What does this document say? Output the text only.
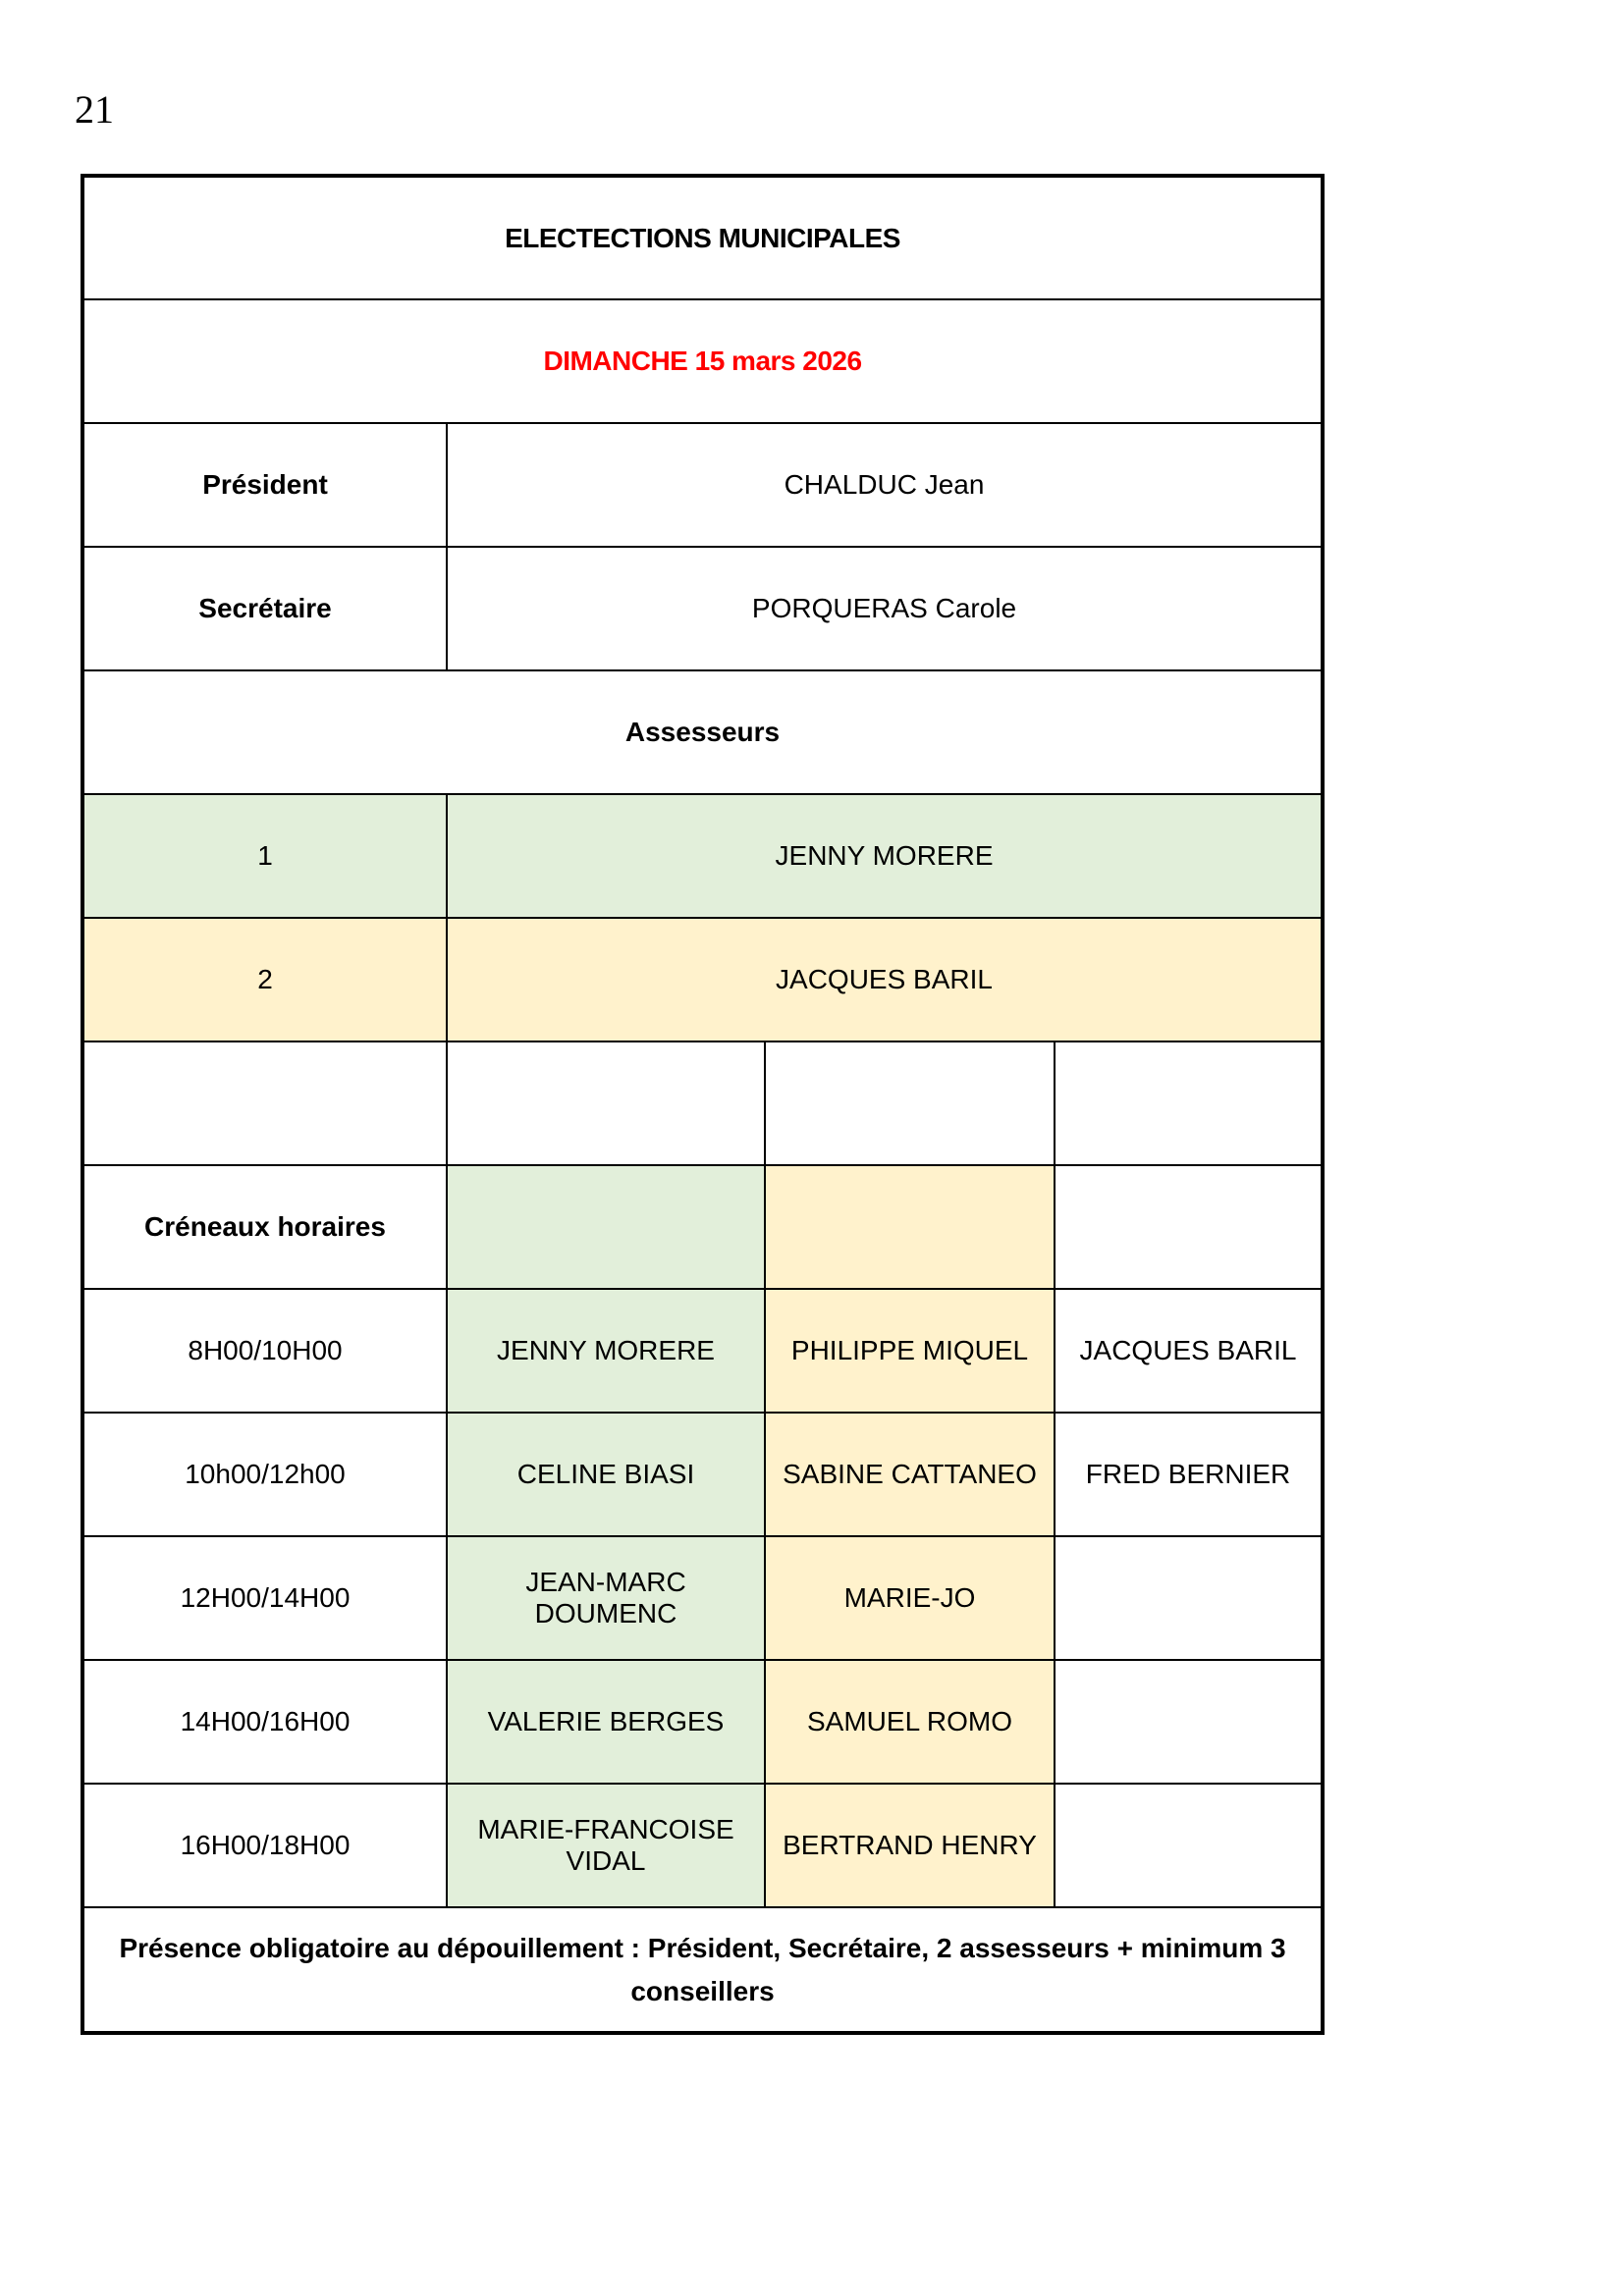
21
ELECTECTIONS MUNICIPALES			
DIMANCHE 15 mars 2026			
Président	CHALDUC Jean		
Secrétaire	PORQUERAS Carole		
Assesseurs			
1	JENNY MORERE		
2	JACQUES BARIL		

Créneaux horaires			
8H00/10H00	JENNY MORERE	PHILIPPE MIQUEL	JACQUES BARIL
10h00/12h00	CELINE BIASI	SABINE CATTANEO	FRED BERNIER
12H00/14H00	JEAN-MARC DOUMENC	MARIE-JO	
14H00/16H00	VALERIE BERGES	SAMUEL ROMO	
16H00/18H00	MARIE-FRANCOISE VIDAL	BERTRAND HENRY	
Présence obligatoire au dépouillement : Président, Secrétaire, 2 assesseurs + minimum 3 conseillers			
